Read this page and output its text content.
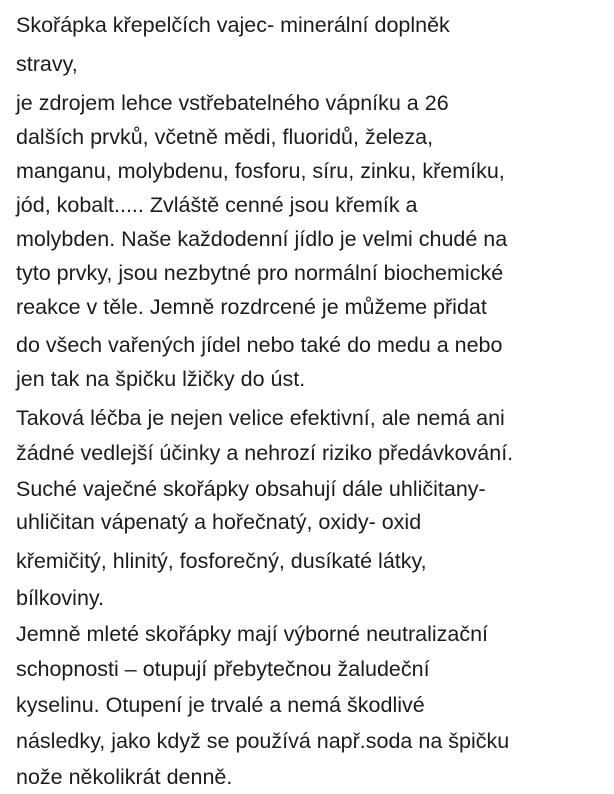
Skořápka křepelčích vajec- minerální doplněk

stravy,

je zdrojem lehce vstřebatelného vápníku a 26

dalších prvků, včetně mědi, fluoridů, železa,

manganu, molybdenu, fosforu, síru, zinku, křemíku,

jód, kobalt..... Zvláště cenné jsou křemík a

molybden. Naše každodenní jídlo je velmi chudé na

tyto prvky, jsou nezbytné pro normální biochemické

reakce v těle. Jemně rozdrcené je můžeme přidat

do všech vařených jídel nebo také do medu a nebo

jen tak na špičku lžičky do úst.

Taková léčba je nejen velice efektivní, ale nemá ani

žádné vedlejší účinky a nehrozí riziko předávkování.

Suché vaječné skořápky obsahují dále uhličitany-

uhličitan vápenatý a hořečnatý, oxidy- oxid

křemičitý, hlinitý, fosforečný, dusíkaté látky,

bílkoviny.

Jemně mleté skořápky mají výborné neutralizační

schopnosti – otupují přebytečnou žaludeční

kyselinu. Otupení je trvalé a nemá škodlivé

následky, jako když se používá např.soda na špičku

nože několikrát denně.
